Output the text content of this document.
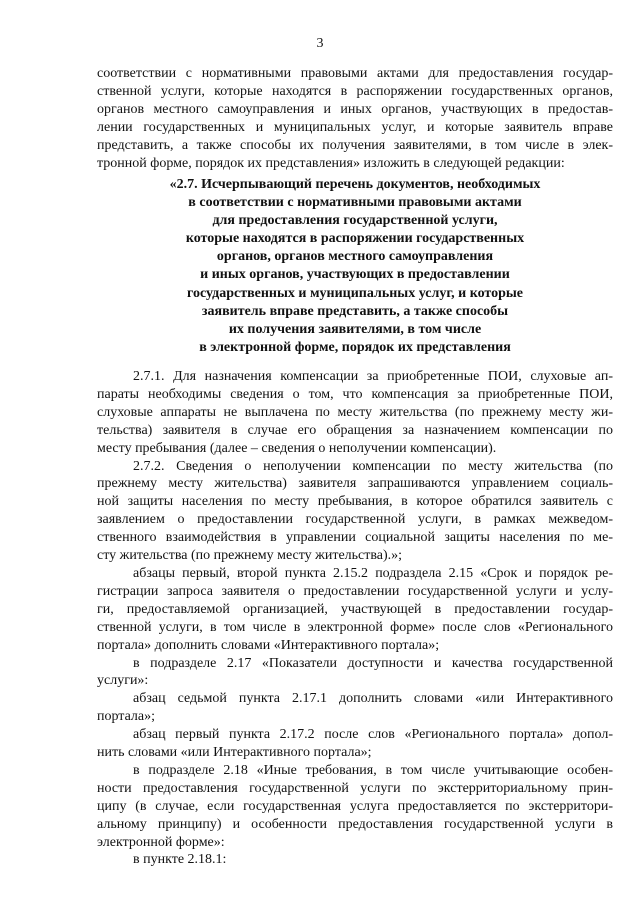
3
соответствии с нормативными правовыми актами для предоставления государ-
ственной услуги, которые находятся в распоряжении государственных органов,
органов местного самоуправления и иных органов, участвующих в предостав-
лении государственных и муниципальных услуг, и которые заявитель вправе
представить, а также способы их получения заявителями, в том числе в элек-
тронной форме, порядок их представления» изложить в следующей редакции:
«2.7. Исчерпывающий перечень документов, необходимых
в соответствии с нормативными правовыми актами
для предоставления государственной услуги,
которые находятся в распоряжении государственных
органов, органов местного самоуправления
и иных органов, участвующих в предоставлении
государственных и муниципальных услуг, и которые
заявитель вправе представить, а также способы
их получения заявителями, в том числе
в электронной форме, порядок их представления
2.7.1. Для назначения компенсации за приобретенные ПОИ, слуховые ап-
параты необходимы сведения о том, что компенсация за приобретенные ПОИ,
слуховые аппараты не выплачена по месту жительства (по прежнему месту жи-
тельства) заявителя в случае его обращения за назначением компенсации по
месту пребывания (далее – сведения о неполучении компенсации).
2.7.2. Сведения о неполучении компенсации по месту жительства (по
прежнему месту жительства) заявителя запрашиваются управлением социаль-
ной защиты населения по месту пребывания, в которое обратился заявитель с
заявлением о предоставлении государственной услуги, в рамках межведом-
ственного взаимодействия в управлении социальной защиты населения по ме-
сту жительства (по прежнему месту жительства).»;
абзацы первый, второй пункта 2.15.2 подраздела 2.15 «Срок и порядок ре-
гистрации запроса заявителя о предоставлении государственной услуги и услу-
ги, предоставляемой организацией, участвующей в предоставлении государ-
ственной услуги, в том числе в электронной форме» после слов «Регионального
портала» дополнить словами «Интерактивного портала»;
в подразделе 2.17 «Показатели доступности и качества государственной
услуги»:
абзац седьмой пункта 2.17.1 дополнить словами «или Интерактивного
портала»;
абзац первый пункта 2.17.2 после слов «Регионального портала» допол-
нить словами «или Интерактивного портала»;
в подразделе 2.18 «Иные требования, в том числе учитывающие особен-
ности предоставления государственной услуги по экстерриториальному прин-
ципу (в случае, если государственная услуга предоставляется по экстерритори-
альному принципу) и особенности предоставления государственной услуги в
электронной форме»:
в пункте 2.18.1:
